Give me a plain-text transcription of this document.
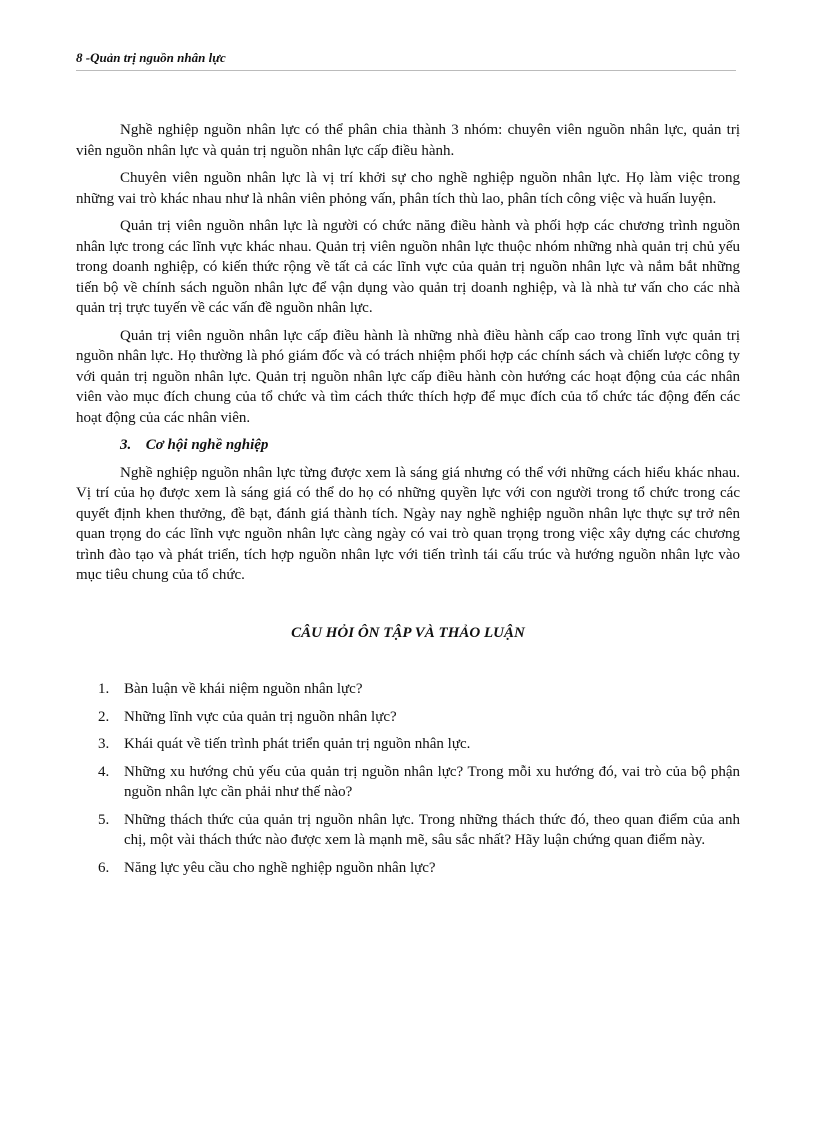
8 -Quản trị nguồn nhân lực

Nghề nghiệp nguồn nhân lực có thể phân chia thành 3 nhóm: chuyên viên nguồn nhân lực, quản trị viên nguồn nhân lực và quản trị nguồn nhân lực cấp điều hành.

Chuyên viên nguồn nhân lực là vị trí khởi sự cho nghề nghiệp nguồn nhân lực. Họ làm việc trong những vai trò khác nhau như là nhân viên phỏng vấn, phân tích thù lao, phân tích công việc và huấn luyện.

Quản trị viên nguồn nhân lực là người có chức năng điều hành và phối hợp các chương trình nguồn nhân lực trong các lĩnh vực khác nhau. Quản trị viên nguồn nhân lực thuộc nhóm những nhà quản trị chủ yếu trong doanh nghiệp, có kiến thức rộng về tất cả các lĩnh vực của quản trị nguồn nhân lực và nắm bắt những tiến bộ về chính sách nguồn nhân lực để vận dụng vào quản trị doanh nghiệp, và là nhà tư vấn cho các nhà quản trị trực tuyến về các vấn đề nguồn nhân lực.

Quản trị viên nguồn nhân lực cấp điều hành là những nhà điều hành cấp cao trong lĩnh vực quản trị nguồn nhân lực. Họ thường là phó giám đốc và có trách nhiệm phối hợp các chính sách và chiến lược công ty với quản trị nguồn nhân lực. Quản trị nguồn nhân lực cấp điều hành còn hướng các hoạt động của các nhân viên vào mục đích chung của tổ chức và tìm cách thức thích hợp để mục đích của tổ chức tác động đến các hoạt động của các nhân viên.

3. Cơ hội nghề nghiệp

Nghề nghiệp nguồn nhân lực từng được xem là sáng giá nhưng có thể với những cách hiểu khác nhau. Vị trí của họ được xem là sáng giá có thể do họ có những quyền lực với con người trong tổ chức trong các quyết định khen thưởng, đề bạt, đánh giá thành tích. Ngày nay nghề nghiệp nguồn nhân lực thực sự trở nên quan trọng do các lĩnh vực nguồn nhân lực càng ngày có vai trò quan trọng trong việc xây dựng các chương trình đào tạo và phát triển, tích hợp nguồn nhân lực với tiến trình tái cấu trúc và hướng nguồn nhân lực vào mục tiêu chung của tổ chức.

CÂU HỎI ÔN TẬP VÀ THẢO LUẬN
1. Bàn luận về khái niệm nguồn nhân lực?
2. Những lĩnh vực của quản trị nguồn nhân lực?
3. Khái quát về tiến trình phát triển quản trị nguồn nhân lực.
4. Những xu hướng chủ yếu của quản trị nguồn nhân lực? Trong mỗi xu hướng đó, vai trò của bộ phận nguồn nhân lực cần phải như thế nào?
5. Những thách thức của quản trị nguồn nhân lực. Trong những thách thức đó, theo quan điểm của anh chị, một vài thách thức nào được xem là mạnh mẽ, sâu sắc nhất? Hãy luận chứng quan điểm này.
6. Năng lực yêu cầu cho nghề nghiệp nguồn nhân lực?
